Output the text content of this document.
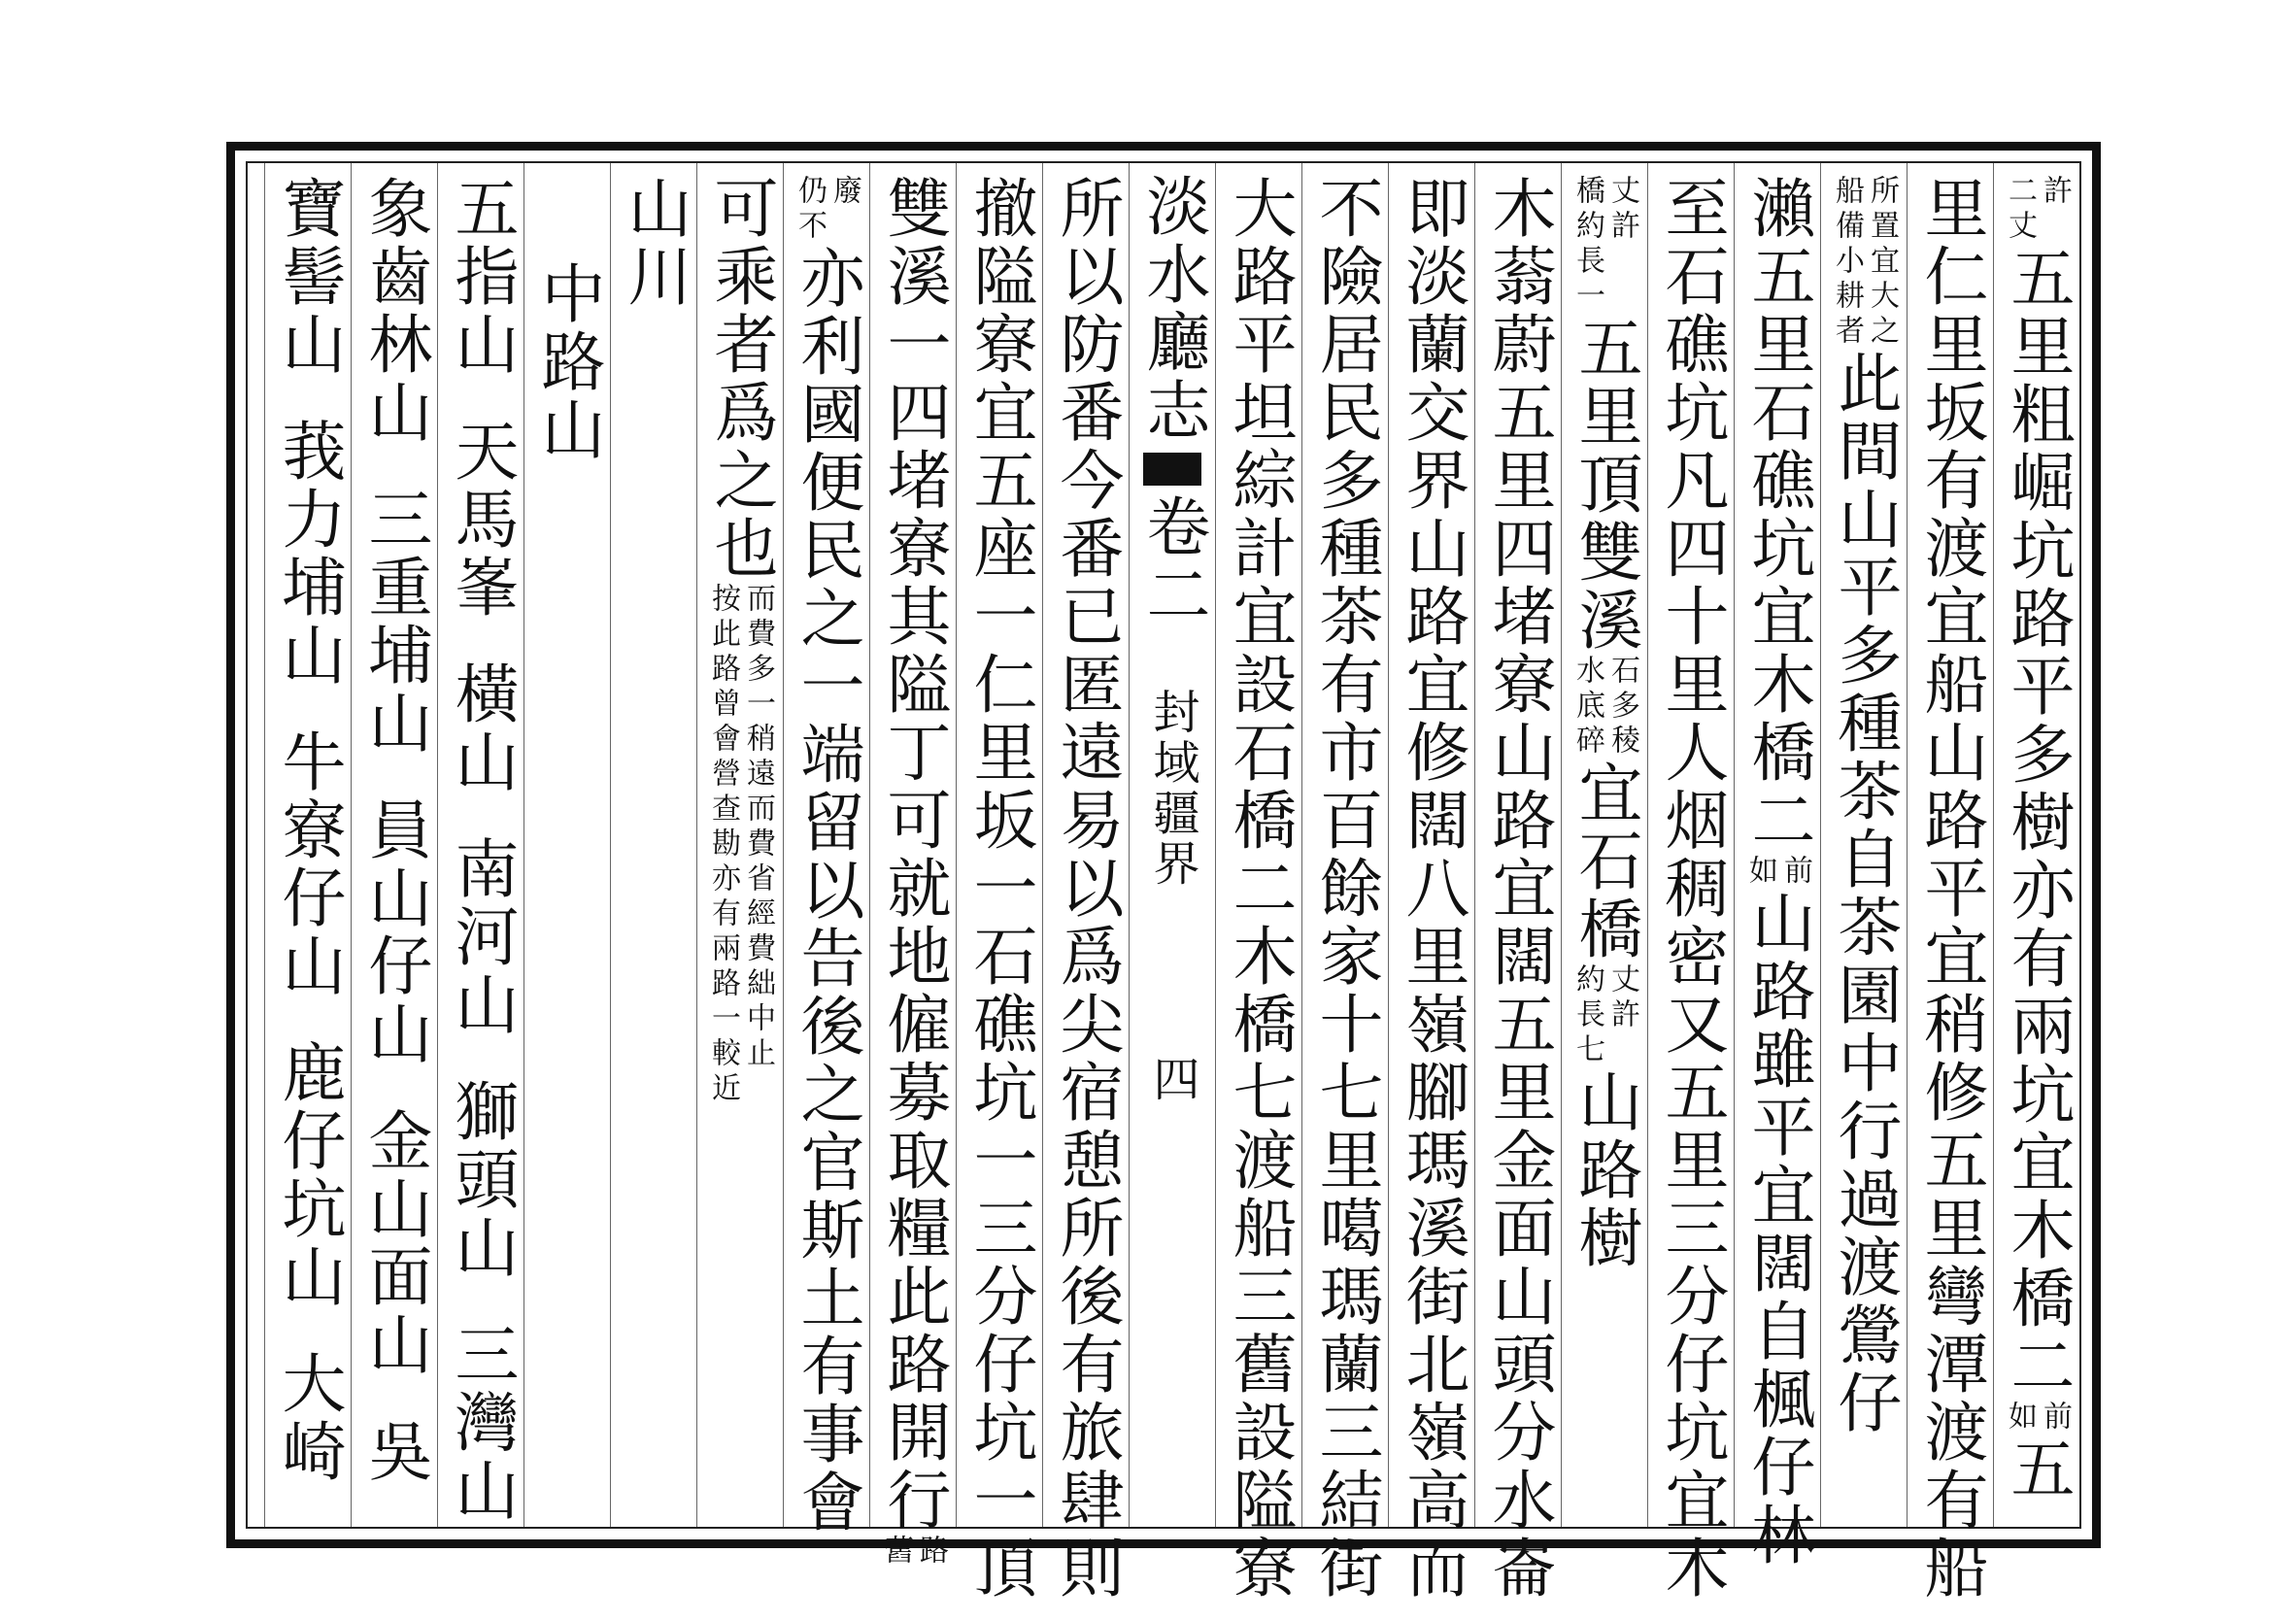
二丈 許
五里粗崛坑路平多樹亦有兩坑宜木橋二
如 前
五
里仁里坂有渡宜船山路平宜稍修五里彎潭渡有船
船備小耕者 所置宜大之
此間山平多種茶自茶園中行過渡鶯仔
瀨五里石礁坑宜木橋二
如 前
山路雖平宜闊自楓仔林
至石礁坑凡四十里人烟稠密又五里三分仔坑宜木
橋約長一 丈許
五里頂雙溪
水底碎 石多稜
宜石橋
約長七 丈許
山路樹
木蓊蔚五里四堵寮山路宜闊五里金面山頭分水崙
即淡蘭交界山路宜修闊八里嶺腳瑪溪街北嶺高而
不險居民多種茶有市百餘家十七里噶瑪蘭三結街
大路平坦綜計宜設石橋二木橋七渡船三舊設隘寮
淡水廳志
卷二
封域疆界
四
所以防番今番已匿遠易以爲尖宿憩所後有旅肆則
撤隘寮宜五座一仁里坂一石礁坑一三分仔坑一頂
雙溪一四堵寮其隘丁可就地僱募取糧此路開行
舊 路
仍不 廢
亦利國便民之一端留以告後之官斯土有事會
可乘者爲之也
按此路曾會營查勘亦有兩路一較近 而費多一稍遠而費省經費絀中止
山川
中路山
五指山
天馬峯
橫山
南河山
獅頭山
三灣山
象齒林山
三重埔山
員山仔山
金山面山
吳
寶髻山
莪力埔山
牛寮仔山
鹿仔坑山
大崎
